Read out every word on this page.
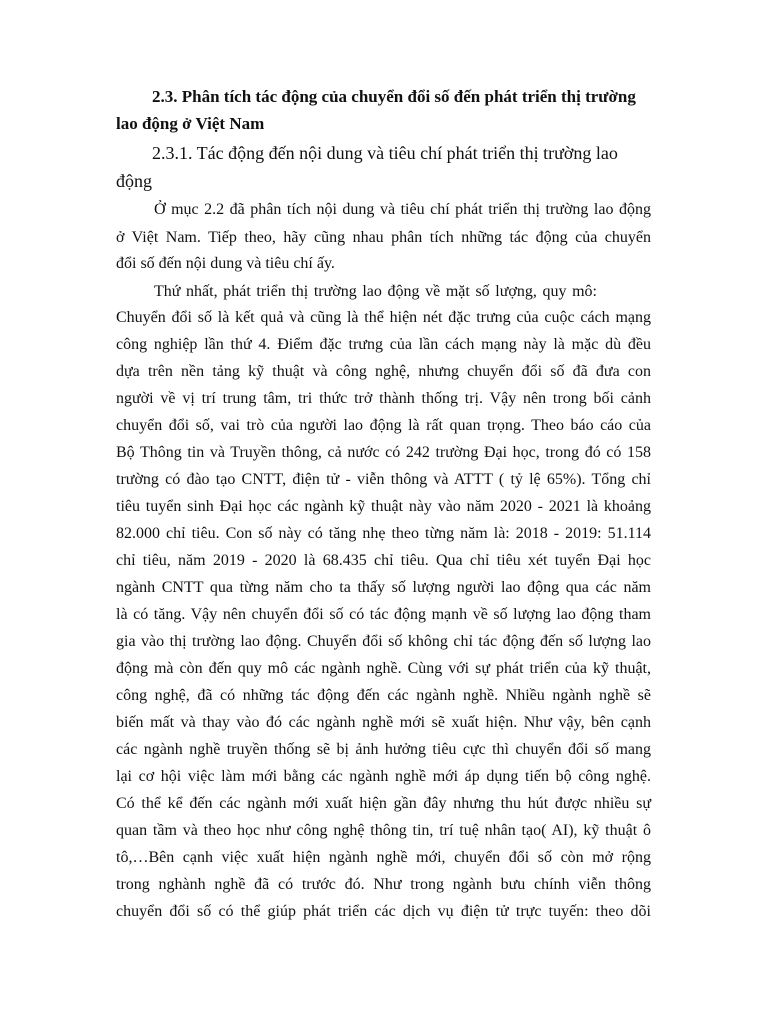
2.3. Phân tích tác động của chuyển đổi số đến phát triển thị trường

lao động ở Việt Nam

2.3.1. Tác động đến nội dung và tiêu chí phát triển thị trường lao

động

Ở mục 2.2 đã phân tích nội dung và tiêu chí phát triển thị trường lao động
ở Việt Nam. Tiếp theo, hãy cũng nhau phân tích những tác động của chuyển
đổi số đến nội dung và tiêu chí ấy.
Thứ nhất, phát triển thị trường lao động về mặt số lượng, quy mô:
Chuyển đổi số là kết quả và cũng là thể hiện nét đặc trưng của cuộc cách mạng
công nghiệp lần thứ 4. Điểm đặc trưng của lần cách mạng này là mặc dù đều
dựa trên nền tảng kỹ thuật và công nghệ, nhưng chuyển đổi số đã đưa con
người về vị trí trung tâm, tri thức trở thành thống trị. Vậy nên trong bối cảnh
chuyển đổi số, vai trò của người lao động là rất quan trọng. Theo báo cáo của
Bộ Thông tin và Truyền thông, cả nước có 242 trường Đại học, trong đó có 158
trường có đào tạo CNTT, điện tử - viễn thông và ATTT ( tỷ lệ 65%). Tổng chỉ
tiêu tuyển sinh Đại học các ngành kỹ thuật này vào năm 2020 - 2021 là khoảng
82.000 chỉ tiêu. Con số này có tăng nhẹ theo từng năm là: 2018 - 2019: 51.114
chỉ tiêu, năm 2019 - 2020 là 68.435 chỉ tiêu. Qua chỉ tiêu xét tuyển Đại học
ngành CNTT qua từng năm cho ta thấy số lượng người lao động qua các năm
là có tăng. Vậy nên chuyển đổi số có tác động mạnh về số lượng lao động tham
gia vào thị trường lao động. Chuyển đổi số không chỉ tác động đến số lượng lao
động mà còn đến quy mô các ngành nghề. Cùng với sự phát triển của kỹ thuật,
công nghệ, đã có những tác động đến các ngành nghề. Nhiều ngành nghề sẽ
biến mất và thay vào đó các ngành nghề mới sẽ xuất hiện. Như vậy, bên cạnh
các ngành nghề truyền thống sẽ bị ảnh hưởng tiêu cực thì chuyển đổi số mang
lại cơ hội việc làm mới bằng các ngành nghề mới áp dụng tiến bộ công nghệ.
Có thể kể đến các ngành mới xuất hiện gần đây nhưng thu hút được nhiều sự
quan tầm và theo học như công nghệ thông tin, trí tuệ nhân tạo( AI), kỹ thuật ô
tô,…Bên cạnh việc xuất hiện ngành nghề mới, chuyển đổi số còn mở rộng
trong nghành nghề đã có trước đó. Như trong ngành bưu chính viễn thông
chuyển đổi số có thể giúp phát triển các dịch vụ điện tử trực tuyến: theo dõi
